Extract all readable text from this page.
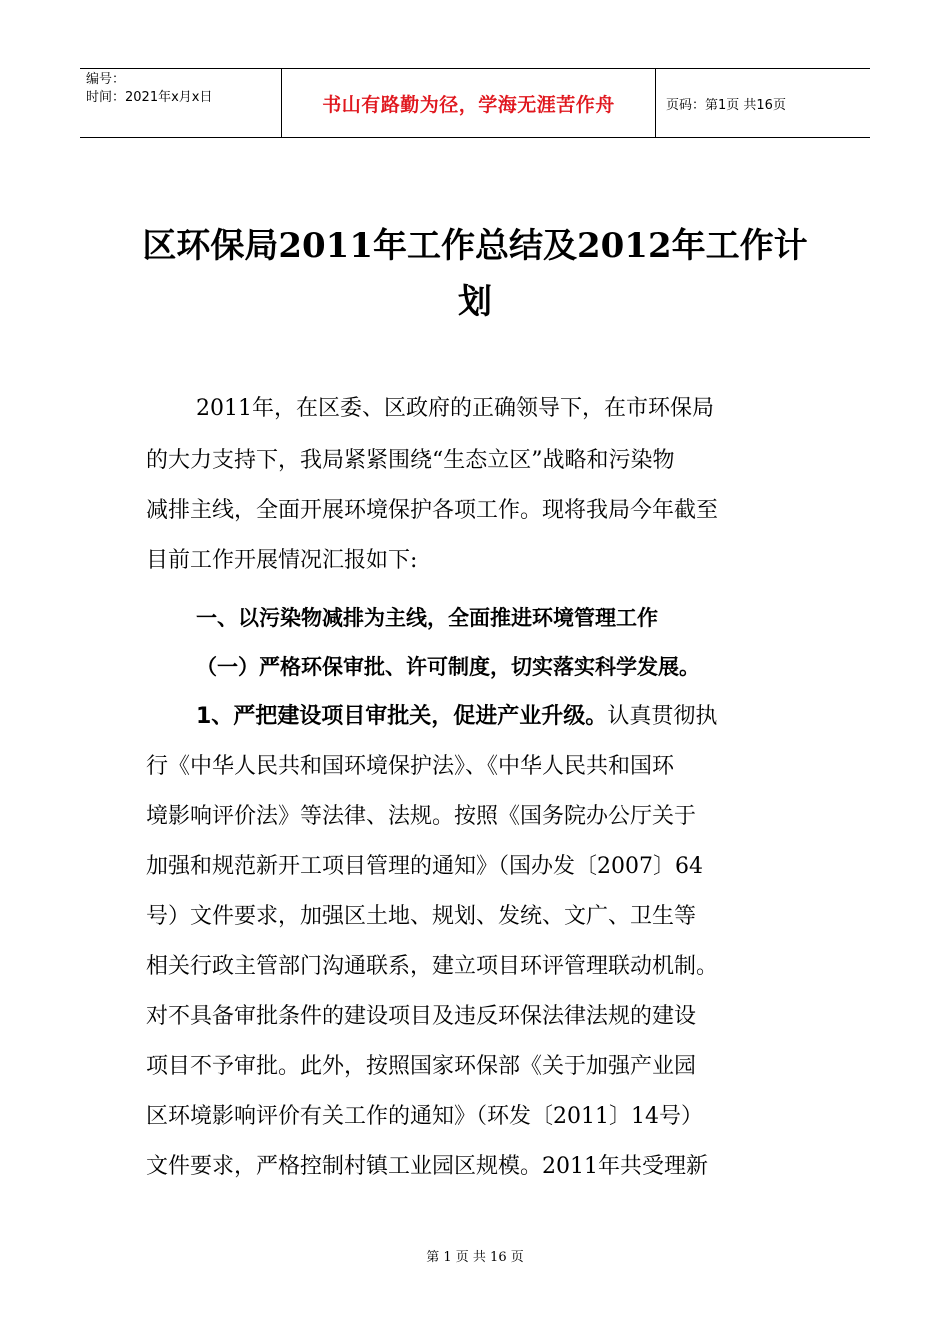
编号：
时间：2021年x月x日	书山有路勤为径，学海无涯苦作舟	页码：第1页 共16页
区环保局2011年工作总结及2012年工作计
划
2011年，在区委、区政府的正确领导下，在市环保局
的大力支持下，我局紧紧围绕“生态立区”战略和污染物
减排主线，全面开展环境保护各项工作。现将我局今年截至
目前工作开展情况汇报如下:
一、以污染物减排为主线，全面推进环境管理工作
（一）严格环保审批、许可制度，切实落实科学发展。
1、严把建设项目审批关，促进产业升级。认真贯彻执
行《中华人民共和国环境保护法》、《中华人民共和国环
境影响评价法》等法律、法规。按照《国务院办公厅关于
加强和规范新开工项目管理的通知》（国办发〔2007〕64
号）文件要求，加强区土地、规划、发统、文广、卫生等
相关行政主管部门沟通联系，建立项目环评管理联动机制。
对不具备审批条件的建设项目及违反环保法律法规的建设
项目不予审批。此外，按照国家环保部《关于加强产业园
区环境影响评价有关工作的通知》（环发〔2011〕14号）
文件要求，严格控制村镇工业园区规模。2011年共受理新
第 1 页 共 16 页
